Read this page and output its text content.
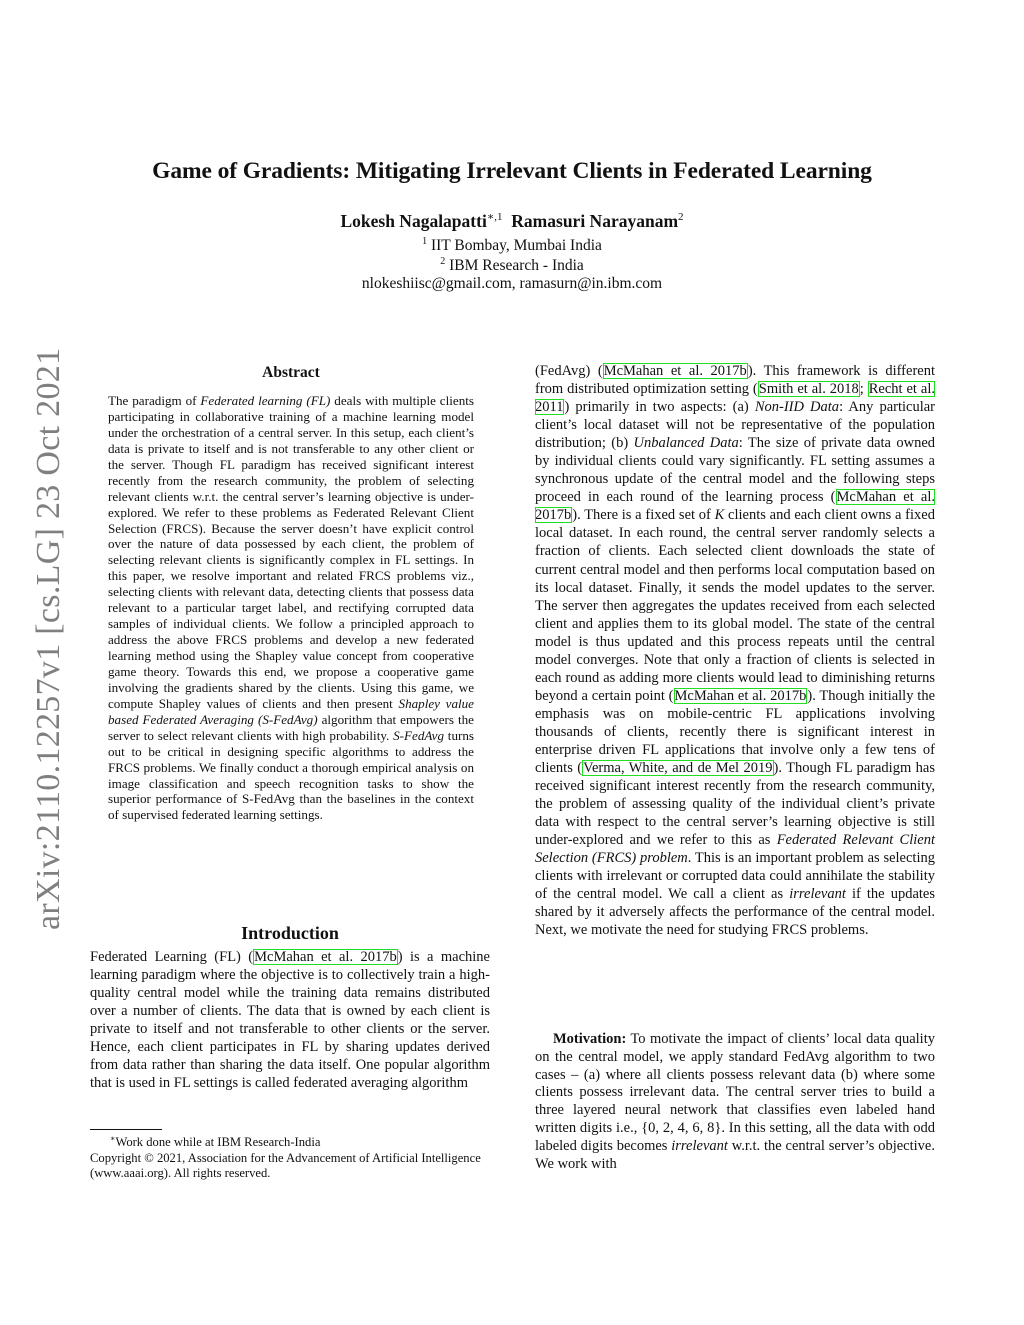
arXiv:2110.12257v1 [cs.LG] 23 Oct 2021
Game of Gradients: Mitigating Irrelevant Clients in Federated Learning
Lokesh Nagalapatti$^{∗,1}$ Ramasuri Narayanam$^2$
$^1$ IIT Bombay, Mumbai India
$^2$ IBM Research - India
nlokeshiisc@gmail.com, ramasurn@in.ibm.com
Abstract
The paradigm of Federated learning (FL) deals with multiple clients participating in collaborative training of a machine learning model under the orchestration of a central server. In this setup, each client’s data is private to itself and is not transferable to any other client or the server. Though FL paradigm has received significant interest recently from the research community, the problem of selecting relevant clients w.r.t. the central server’s learning objective is under-explored. We refer to these problems as Federated Relevant Client Selection (FRCS). Because the server doesn’t have explicit control over the nature of data possessed by each client, the problem of selecting relevant clients is significantly complex in FL settings. In this paper, we resolve important and related FRCS problems viz., selecting clients with relevant data, detecting clients that possess data relevant to a particular target label, and rectifying corrupted data samples of individual clients. We follow a principled approach to address the above FRCS problems and develop a new federated learning method using the Shapley value concept from cooperative game theory. Towards this end, we propose a cooperative game involving the gradients shared by the clients. Using this game, we compute Shapley values of clients and then present Shapley value based Federated Averaging (S-FedAvg) algorithm that empowers the server to select relevant clients with high probability. S-FedAvg turns out to be critical in designing specific algorithms to address the FRCS problems. We finally conduct a thorough empirical analysis on image classification and speech recognition tasks to show the superior performance of S-FedAvg than the baselines in the context of supervised federated learning settings.
Introduction
Federated Learning (FL) (McMahan et al. 2017b) is a machine learning paradigm where the objective is to collectively train a high-quality central model while the training data remains distributed over a number of clients. The data that is owned by each client is private to itself and not transferable to other clients or the server. Hence, each client participates in FL by sharing updates derived from data rather than sharing the data itself. One popular algorithm that is used in FL settings is called federated averaging algorithm
∗Work done while at IBM Research-India
Copyright © 2021, Association for the Advancement of Artificial Intelligence (www.aaai.org). All rights reserved.
(FedAvg) (McMahan et al. 2017b). This framework is different from distributed optimization setting (Smith et al. 2018; Recht et al. 2011) primarily in two aspects: (a) Non-IID Data: Any particular client’s local dataset will not be representative of the population distribution; (b) Unbalanced Data: The size of private data owned by individual clients could vary significantly. FL setting assumes a synchronous update of the central model and the following steps proceed in each round of the learning process (McMahan et al. 2017b). There is a fixed set of K clients and each client owns a fixed local dataset. In each round, the central server randomly selects a fraction of clients. Each selected client downloads the state of current central model and then performs local computation based on its local dataset. Finally, it sends the model updates to the server. The server then aggregates the updates received from each selected client and applies them to its global model. The state of the central model is thus updated and this process repeats until the central model converges. Note that only a fraction of clients is selected in each round as adding more clients would lead to diminishing returns beyond a certain point (McMahan et al. 2017b). Though initially the emphasis was on mobile-centric FL applications involving thousands of clients, recently there is significant interest in enterprise driven FL applications that involve only a few tens of clients (Verma, White, and de Mel 2019). Though FL paradigm has received significant interest recently from the research community, the problem of assessing quality of the individual client’s private data with respect to the central server’s learning objective is still under-explored and we refer to this as Federated Relevant Client Selection (FRCS) problem. This is an important problem as selecting clients with irrelevant or corrupted data could annihilate the stability of the central model. We call a client as irrelevant if the updates shared by it adversely affects the performance of the central model. Next, we motivate the need for studying FRCS problems.
Motivation: To motivate the impact of clients’ local data quality on the central model, we apply standard FedAvg algorithm to two cases – (a) where all clients possess relevant data (b) where some clients possess irrelevant data. The central server tries to build a three layered neural network that classifies even labeled hand written digits i.e., {0, 2, 4, 6, 8}. In this setting, all the data with odd labeled digits becomes irrelevant w.r.t. the central server’s objective. We work with
